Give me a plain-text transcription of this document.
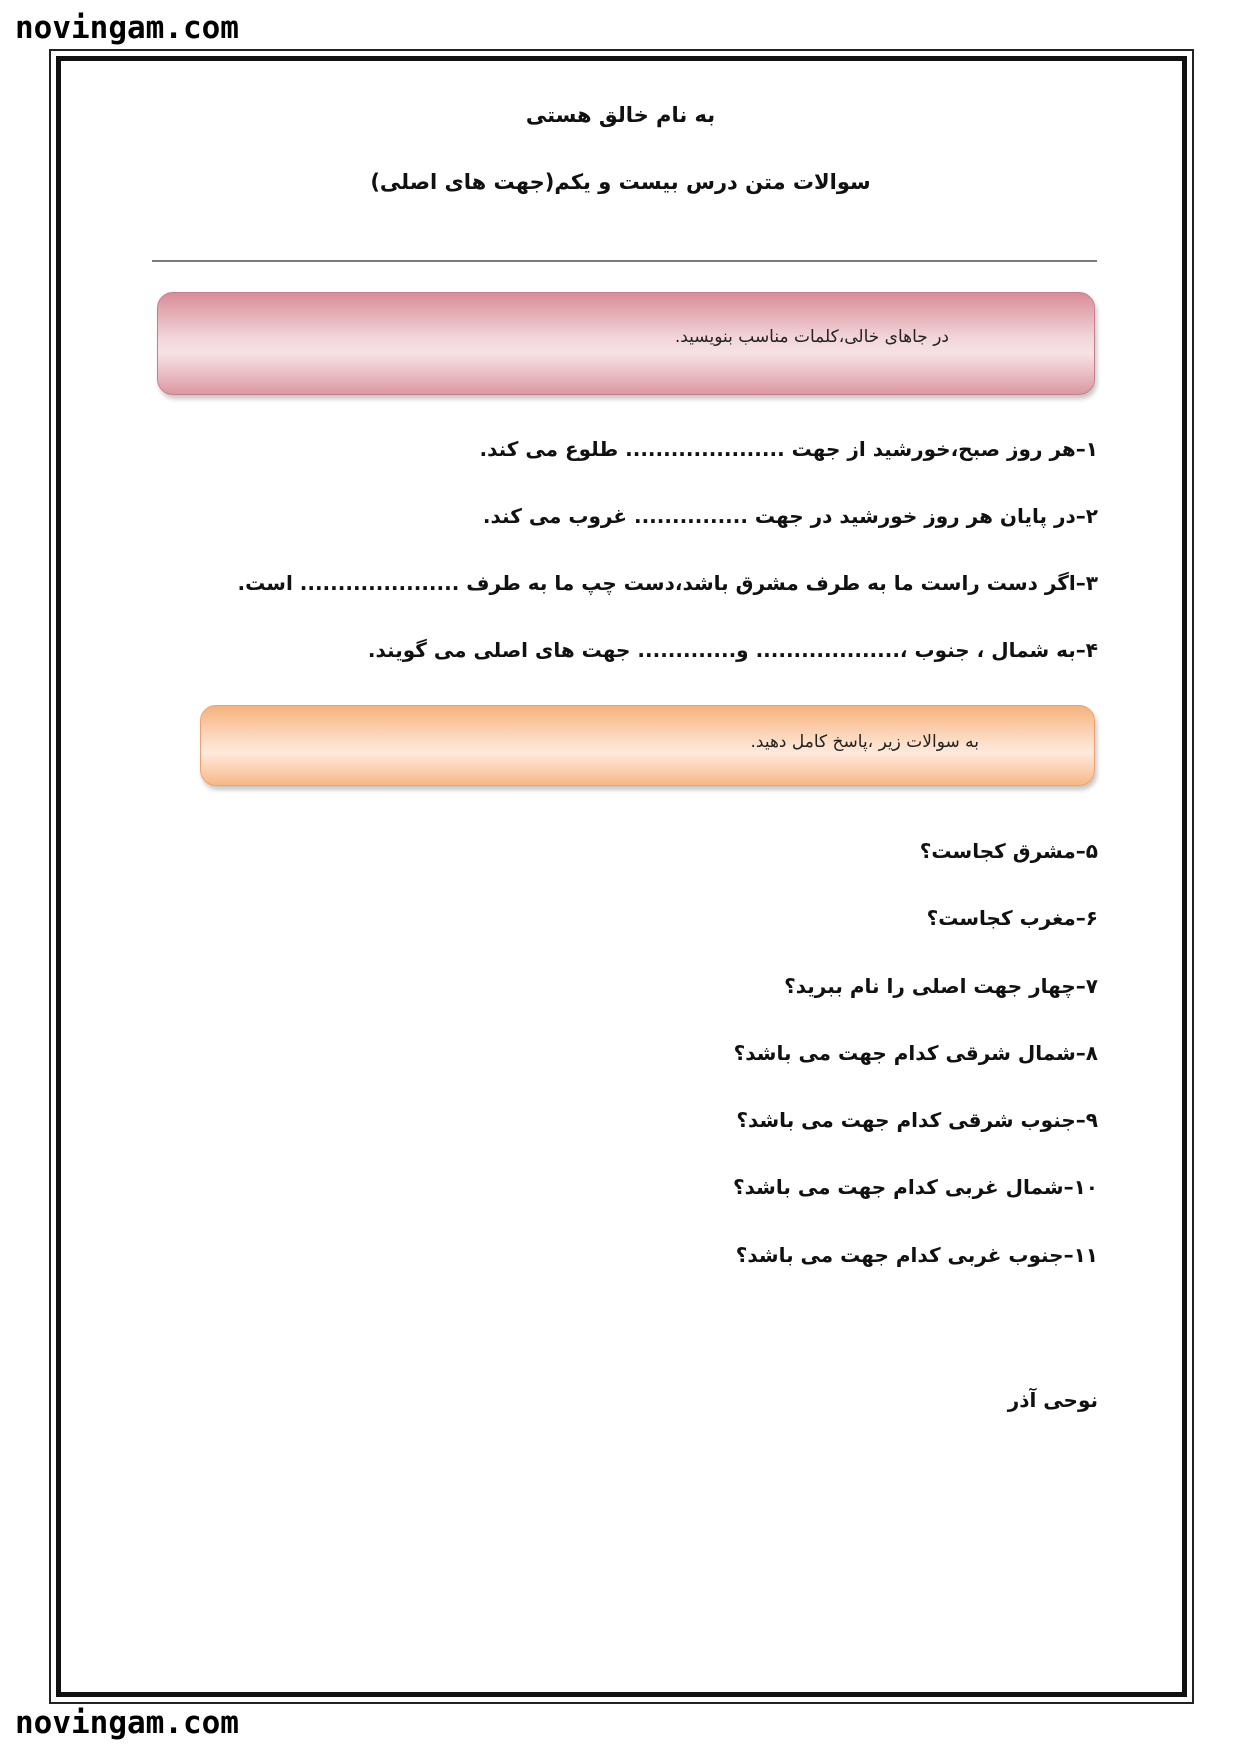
novingam.com
به نام خالق هستی
سوالات متن درس بیست و یکم(جهت های اصلی)
در جاهای خالی،کلمات مناسب بنویسید.
۱–هر روز صبح،خورشید از جهت ..................... طلوع می کند.
۲–در پایان هر روز خورشید در جهت ............... غروب می کند.
۳–اگر دست راست ما به طرف مشرق باشد،دست چپ ما به طرف ..................... است.
۴–به شمال ، جنوب ،................... و............. جهت های اصلی می گویند.
به سوالات زیر ،پاسخ کامل دهید.
۵–مشرق کجاست؟
۶–مغرب کجاست؟
۷–چهار جهت اصلی را نام ببرید؟
۸–شمال شرقی کدام جهت می باشد؟
۹–جنوب شرقی کدام جهت می باشد؟
۱۰–شمال غربی کدام جهت می باشد؟
۱۱–جنوب غربی کدام جهت می باشد؟
نوحی آذر
novingam.com
